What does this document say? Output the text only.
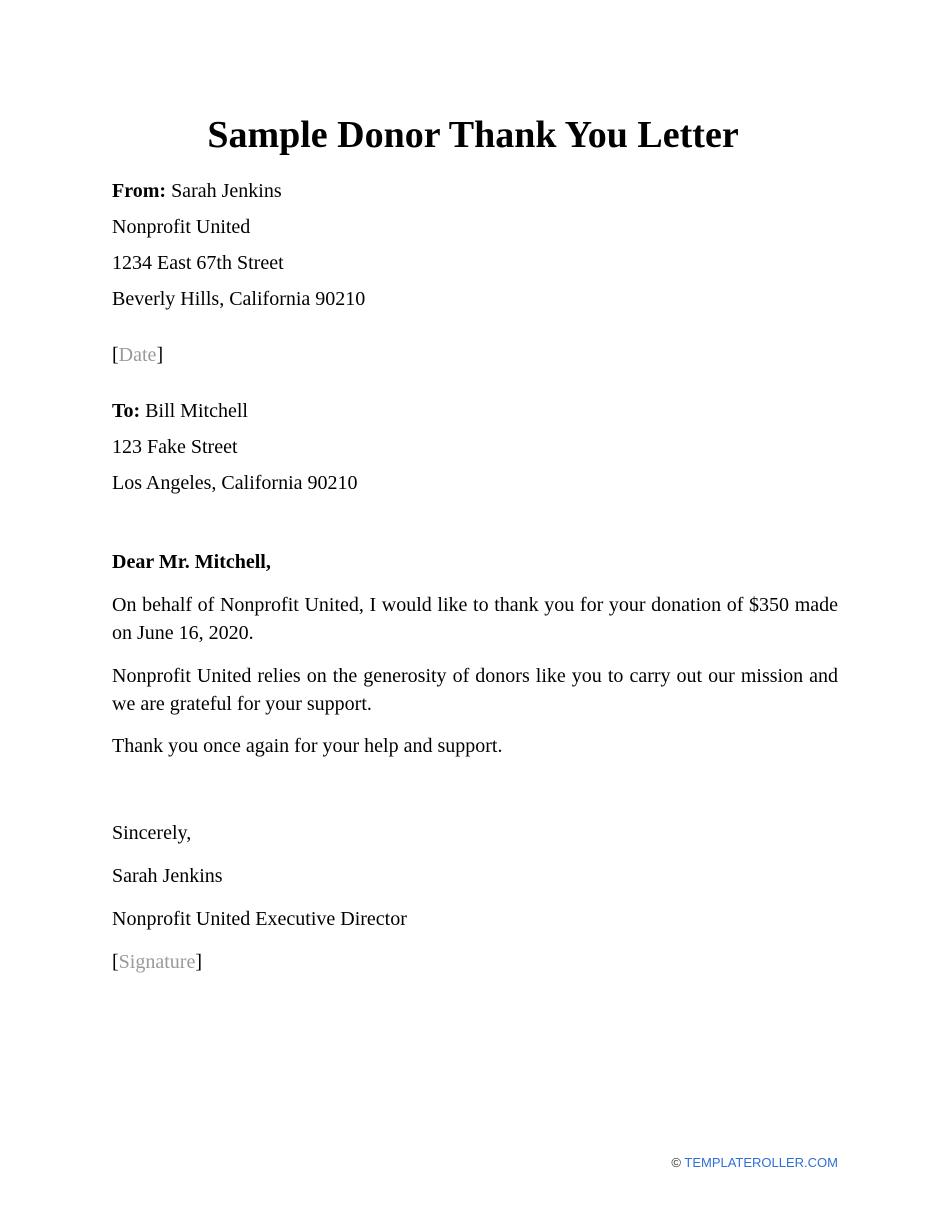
Sample Donor Thank You Letter

From: Sarah Jenkins

Nonprofit United

1234 East 67th Street

Beverly Hills, California 90210

[Date]

To: Bill Mitchell

123 Fake Street

Los Angeles, California 90210

Dear Mr. Mitchell,

On behalf of Nonprofit United, I would like to thank you for your donation of $350 made on June 16, 2020.

Nonprofit United relies on the generosity of donors like you to carry out our mission and we are grateful for your support.

Thank you once again for your help and support.

Sincerely,

Sarah Jenkins

Nonprofit United Executive Director

[Signature]

© TEMPLATEROLLER.COM
